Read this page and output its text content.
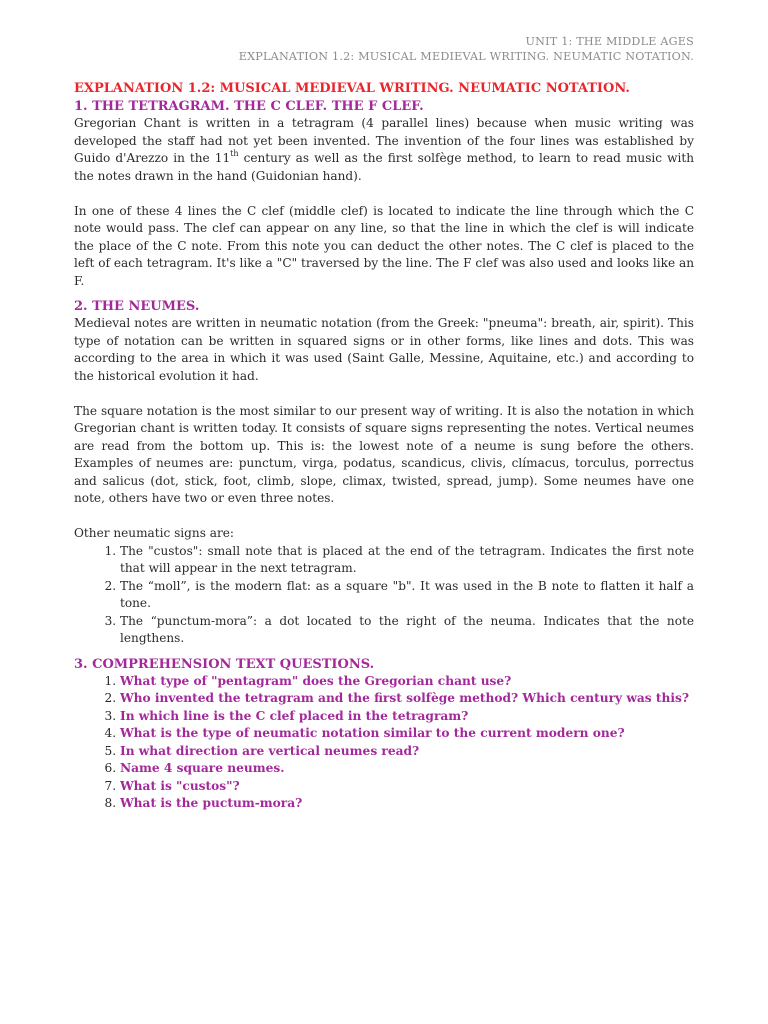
UNIT 1: THE MIDDLE AGES
EXPLANATION 1.2: MUSICAL MEDIEVAL WRITING. NEUMATIC NOTATION.
EXPLANATION 1.2: MUSICAL MEDIEVAL WRITING. NEUMATIC NOTATION.
1. THE TETRAGRAM. THE C CLEF. THE F CLEF.

Gregorian Chant is written in a tetragram (4 parallel lines) because when music writing was developed the staff had not yet been invented. The invention of the four lines was established by Guido d'Arezzo in the 11th century as well as the first solfège method, to learn to read music with the notes drawn in the hand (Guidonian hand).

In one of these 4 lines the C clef (middle clef) is located to indicate the line through which the C note would pass. The clef can appear on any line, so that the line in which the clef is will indicate the place of the C note. From this note you can deduct the other notes. The C clef is placed to the left of each tetragram. It's like a "C" traversed by the line. The F clef was also used and looks like an F.

2. THE NEUMES.

Medieval notes are written in neumatic notation (from the Greek: "pneuma": breath, air, spirit). This type of notation can be written in squared signs or in other forms, like lines and dots. This was according to the area in which it was used (Saint Galle, Messine, Aquitaine, etc.) and according to the historical evolution it had.

The square notation is the most similar to our present way of writing. It is also the notation in which Gregorian chant is written today. It consists of square signs representing the notes. Vertical neumes are read from the bottom up. This is: the lowest note of a neume is sung before the others. Examples of neumes are: punctum, virga, podatus, scandicus, clivis, clímacus, torculus, porrectus and salicus (dot, stick, foot, climb, slope, climax, twisted, spread, jump). Some neumes have one note, others have two or even three notes.

Other neumatic signs are:

1. The "custos": small note that is placed at the end of the tetragram. Indicates the first note that will appear in the next tetragram.
2. The “moll”, is the modern flat: as a square "b". It was used in the B note to flatten it half a tone.
3. The “punctum-mora”: a dot located to the right of the neuma. Indicates that the note lengthens.
3. COMPREHENSION TEXT QUESTIONS.
1. What type of "pentagram" does the Gregorian chant use?
2. Who invented the tetragram and the first solfège method? Which century was this?
3. In which line is the C clef placed in the tetragram?
4. What is the type of neumatic notation similar to the current modern one?
5. In what direction are vertical neumes read?
6. Name 4 square neumes.
7. What is "custos"?
8. What is the puctum-mora?
